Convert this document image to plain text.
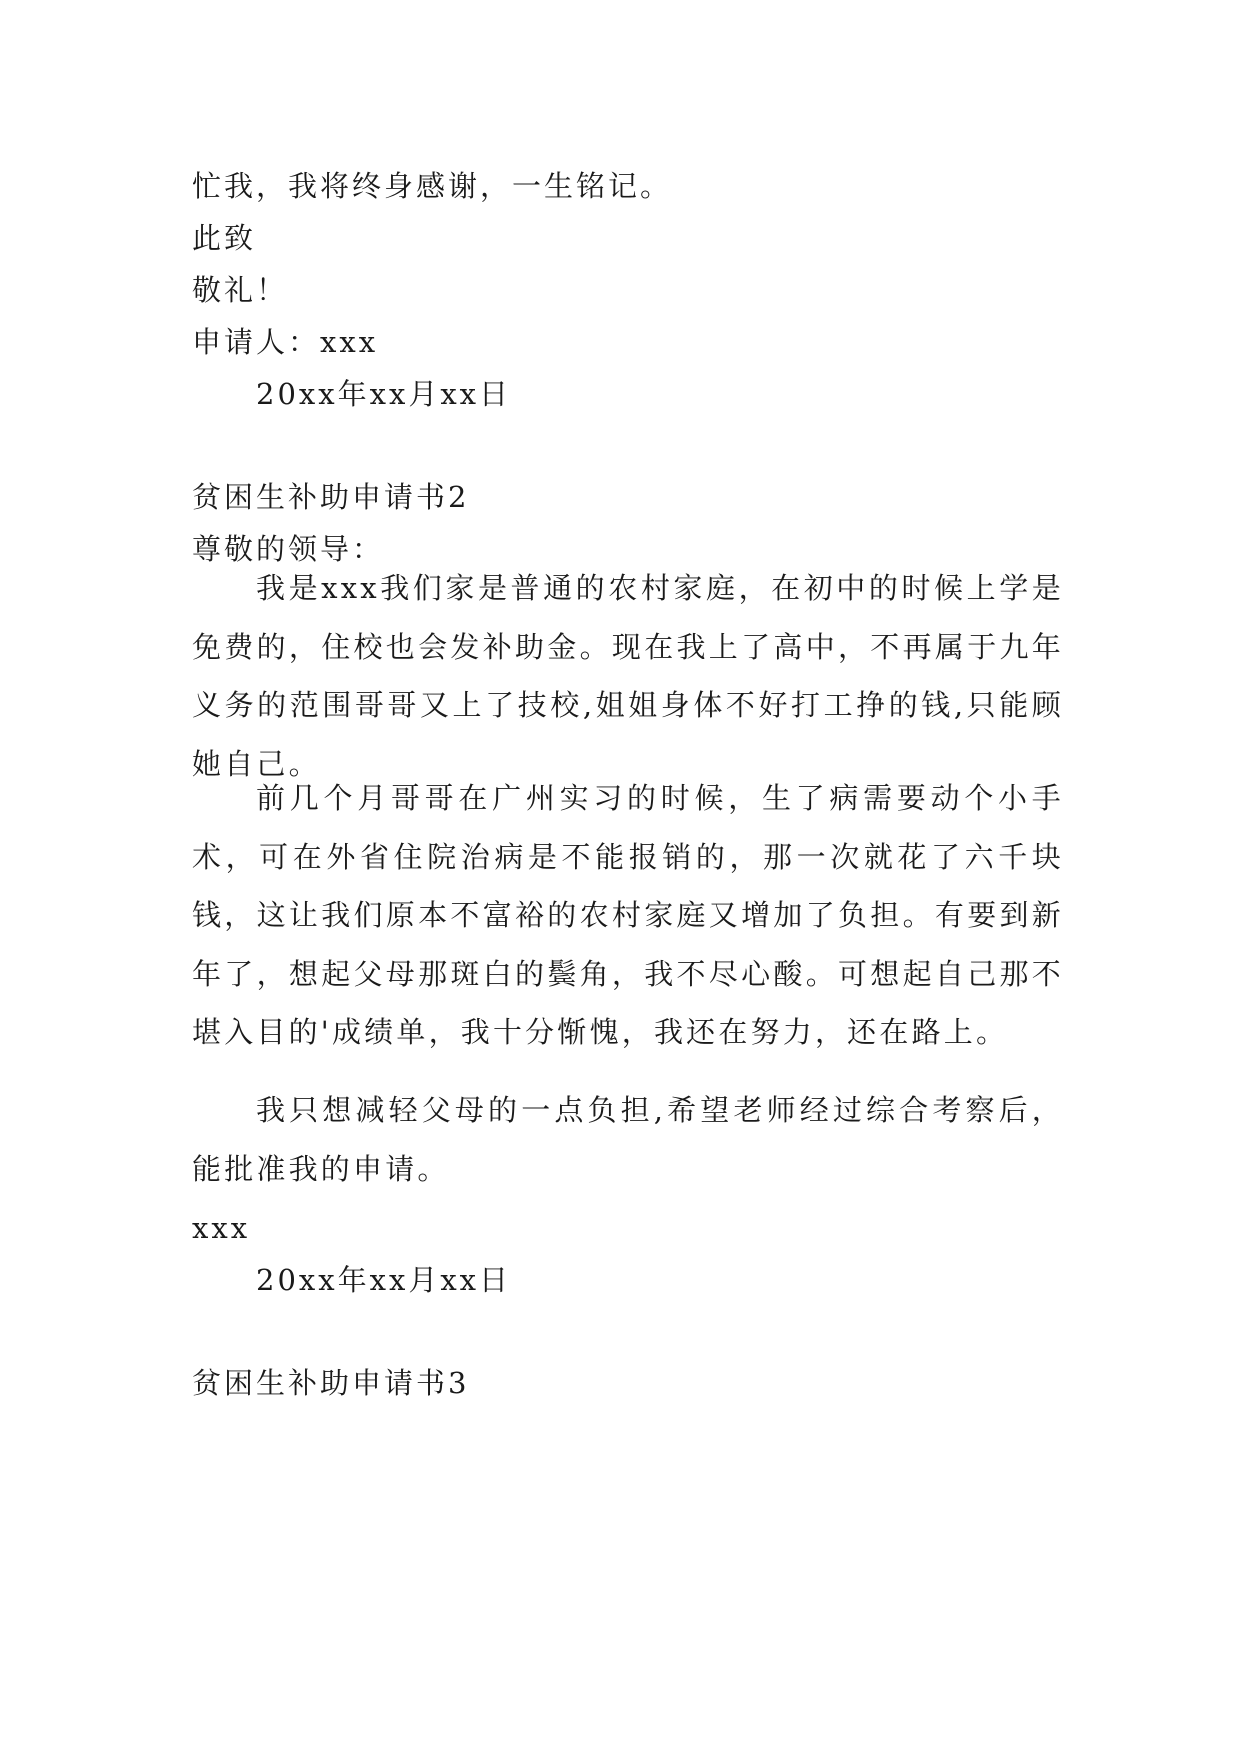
忙我，我将终身感谢，一生铭记。
此致
敬礼！
申请人：xxx
20xx年xx月xx日
贫困生补助申请书2
尊敬的领导：
我是xxx我们家是普通的农村家庭，在初中的时候上学是免费的，住校也会发补助金。现在我上了高中，不再属于九年义务的范围哥哥又上了技校,姐姐身体不好打工挣的钱,只能顾她自己。
前几个月哥哥在广州实习的时候，生了病需要动个小手术，可在外省住院治病是不能报销的，那一次就花了六千块钱，这让我们原本不富裕的农村家庭又增加了负担。有要到新年了，想起父母那斑白的鬓角，我不尽心酸。可想起自己那不堪入目的'成绩单，我十分惭愧，我还在努力，还在路上。
我只想减轻父母的一点负担,希望老师经过综合考察后，能批准我的申请。
xxx
20xx年xx月xx日
贫困生补助申请书3
